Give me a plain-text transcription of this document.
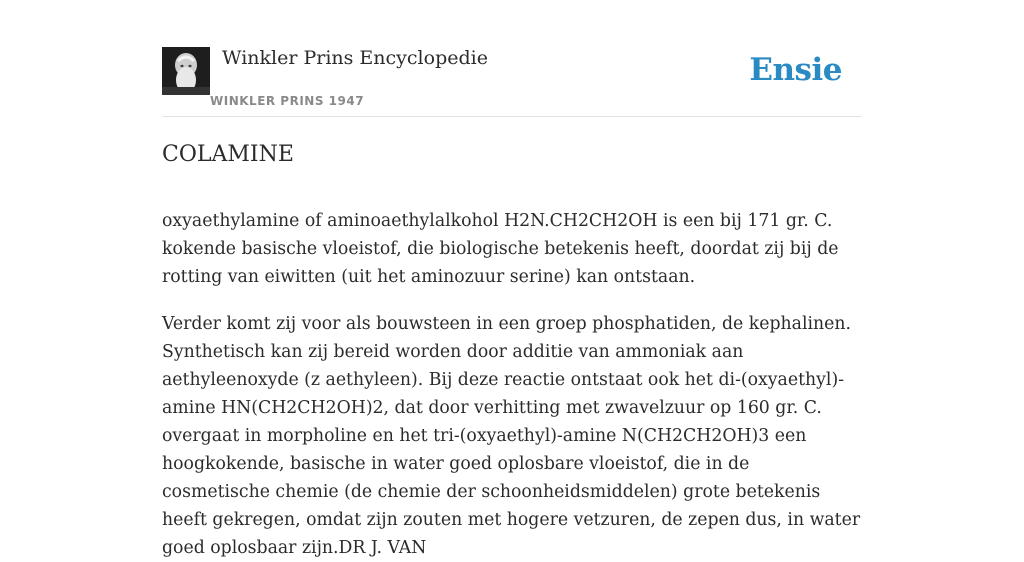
Winkler Prins Encyclopedie
WINKLER PRINS 1947
Ensie
COLAMINE

oxyaethylamine of aminoaethylalkohol H2N.CH2CH2OH is een bij 171 gr. C. kokende basische vloeistof, die biologische betekenis heeft, doordat zij bij de rotting van eiwitten (uit het aminozuur serine) kan ontstaan.

Verder komt zij voor als bouwsteen in een groep phosphatiden, de kephalinen. Synthetisch kan zij bereid worden door additie van ammoniak aan aethyleenoxyde (z aethyleen). Bij deze reactie ontstaat ook het di-(oxyaethyl)-amine HN(CH2CH2OH)2, dat door verhitting met zwavelzuur op 160 gr. C. overgaat in morpholine en het tri-(oxyaethyl)-amine N(CH2CH2OH)3 een hoogkokende, basische in water goed oplosbare vloeistof, die in de cosmetische chemie (de chemie der schoonheidsmiddelen) grote betekenis heeft gekregen, omdat zijn zouten met hogere vetzuren, de zepen dus, in water goed oplosbaar zijn.DR J. VAN
